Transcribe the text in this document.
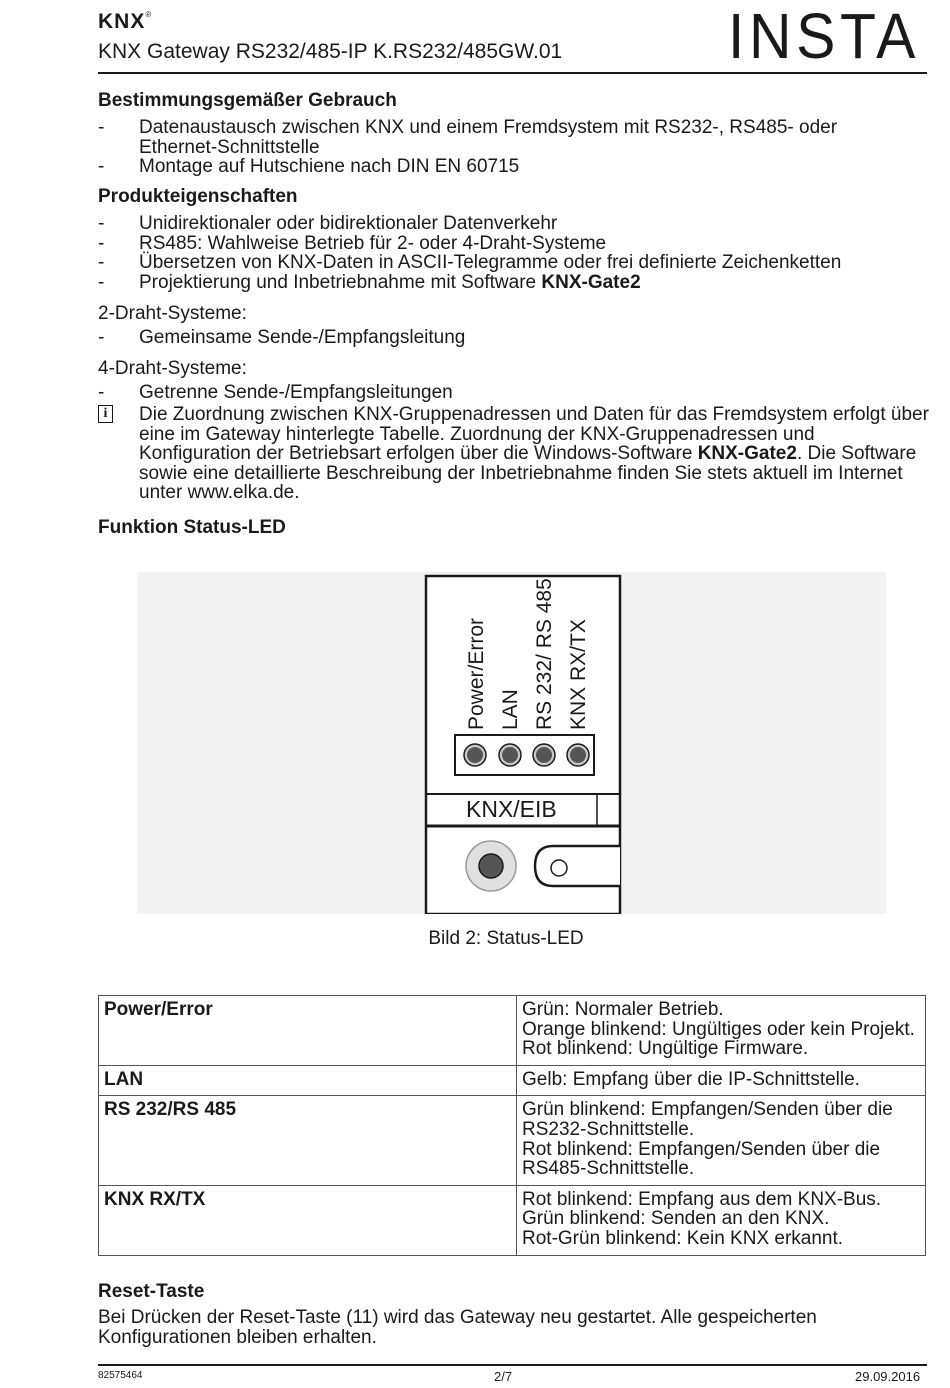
KNX®
KNX Gateway RS232/485-IP K.RS232/485GW.01	INSTA
Bestimmungsgemäßer Gebrauch
- Datenaustausch zwischen KNX und einem Fremdsystem mit RS232-, RS485- oder Ethernet-Schnittstelle
- Montage auf Hutschiene nach DIN EN 60715
Produkteigenschaften
- Unidirektionaler oder bidirektionaler Datenverkehr
- RS485: Wahlweise Betrieb für 2- oder 4-Draht-Systeme
- Übersetzen von KNX-Daten in ASCII-Telegramme oder frei definierte Zeichenketten
- Projektierung und Inbetriebnahme mit Software KNX-Gate2
2-Draht-Systeme:
- Gemeinsame Sende-/Empfangsleitung
4-Draht-Systeme:
- Getrenne Sende-/Empfangsleitungen
i Die Zuordnung zwischen KNX-Gruppenadressen und Daten für das Fremdsystem erfolgt über eine im Gateway hinterlegte Tabelle. Zuordnung der KNX-Gruppenadressen und Konfiguration der Betriebsart erfolgen über die Windows-Software KNX-Gate2. Die Software sowie eine detaillierte Beschreibung der Inbetriebnahme finden Sie stets aktuell im Internet unter www.elka.de.
Funktion Status-LED
Power/Error LAN RS 232/ RS 485 KNX RX/TX
KNX/EIB
Bild 2: Status-LED
Power/Error	Grün: Normaler Betrieb.
Orange blinkend: Ungültiges oder kein Projekt.
Rot blinkend: Ungültige Firmware.

LAN	Gelb: Empfang über die IP-Schnittstelle.

RS 232/RS 485	Grün blinkend: Empfangen/Senden über die RS232-Schnittstelle.
Rot blinkend: Empfangen/Senden über die RS485-Schnittstelle.

KNX RX/TX	Rot blinkend: Empfang aus dem KNX-Bus.
Grün blinkend: Senden an den KNX.
Rot-Grün blinkend: Kein KNX erkannt.
Reset-Taste
Bei Drücken der Reset-Taste (11) wird das Gateway neu gestartet. Alle gespeicherten Konfigurationen bleiben erhalten.
82575464	2/7	29.09.2016
